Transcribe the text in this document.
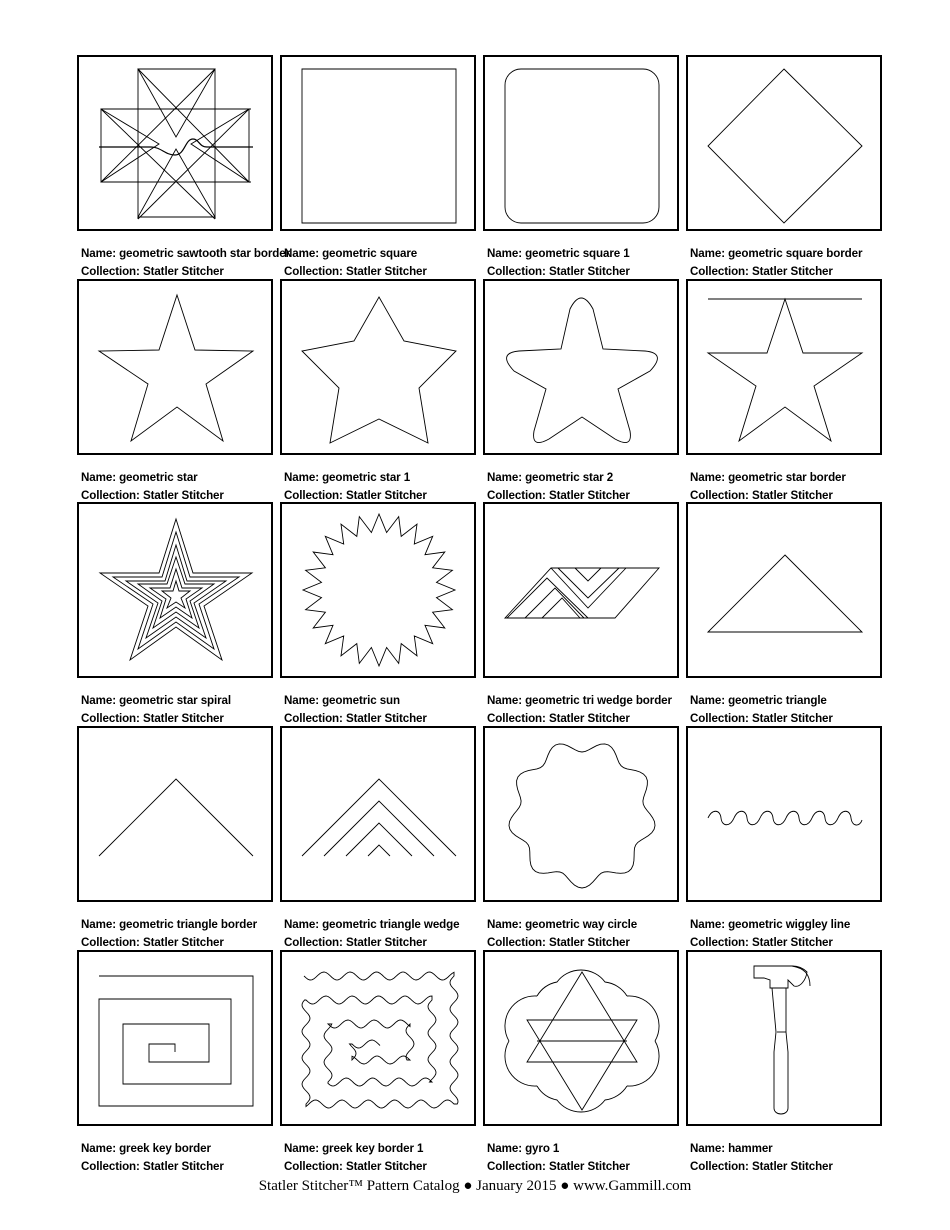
Name: geometric sawtooth star border
Collection: Statler Stitcher
Name: geometric square
Collection: Statler Stitcher
Name: geometric square 1
Collection: Statler Stitcher
Name: geometric square border
Collection: Statler Stitcher
Name: geometric star
Collection: Statler Stitcher
Name: geometric star 1
Collection: Statler Stitcher
Name: geometric star 2
Collection: Statler Stitcher
Name: geometric star border
Collection: Statler Stitcher
Name: geometric star spiral
Collection: Statler Stitcher
Name: geometric sun
Collection: Statler Stitcher
Name: geometric tri wedge border
Collection: Statler Stitcher
Name: geometric triangle
Collection: Statler Stitcher
Name: geometric triangle border
Collection: Statler Stitcher
Name: geometric triangle wedge
Collection: Statler Stitcher
Name: geometric way circle
Collection: Statler Stitcher
Name: geometric wiggley line
Collection: Statler Stitcher
Name: greek key border
Collection: Statler Stitcher
Name: greek key border 1
Collection: Statler Stitcher
Name: gyro 1
Collection: Statler Stitcher
Name: hammer
Collection: Statler Stitcher
Statler Stitcher™ Pattern Catalog ● January 2015 ● www.Gammill.com
